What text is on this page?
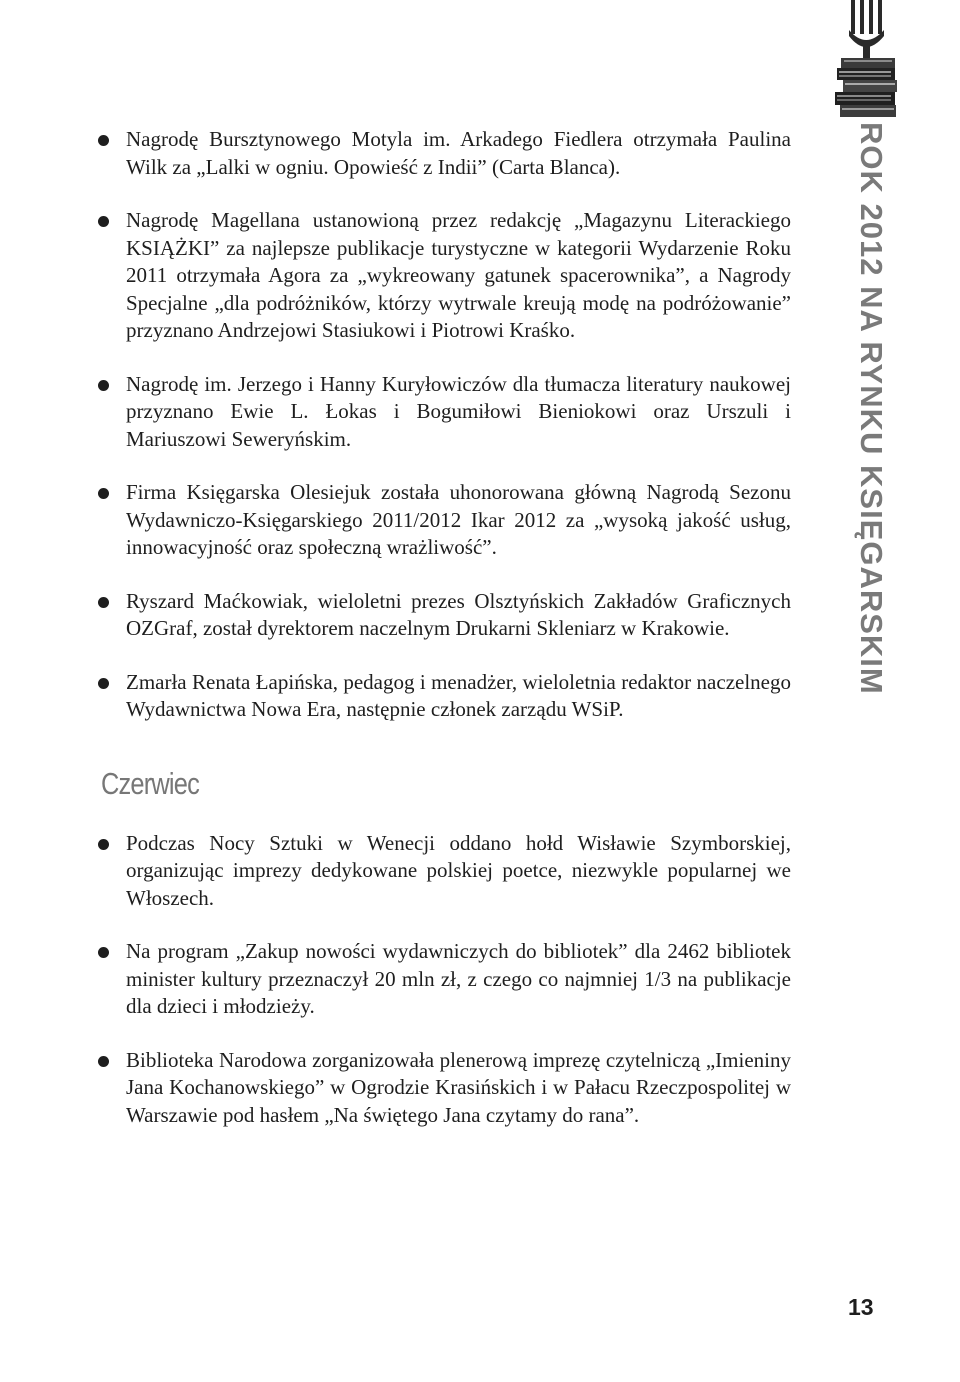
ROK 2012 NA RYNKU KSIĘGARSKIM
Nagrodę Bursztynowego Motyla im. Arkadego Fiedlera otrzymała Paulina Wilk za „Lalki w ogniu. Opowieść z Indii” (Carta Blanca).
Nagrodę Magellana ustanowioną przez redakcję „Magazynu Literackiego KSIĄŻKI” za najlepsze publikacje turystyczne w kategorii Wydarzenie Roku 2011 otrzymała Agora za „wykreowany gatunek spacerownika”, a Nagrody Specjalne „dla podróżników, którzy wytrwale kreują modę na podróżowanie” przyznano Andrzejowi Stasiukowi i Piotrowi Kraśko.
Nagrodę im. Jerzego i Hanny Kuryłowiczów dla tłumacza literatury naukowej przyznano Ewie L. Łokas i Bogumiłowi Bieniokowi oraz Urszuli i Mariuszowi Seweryńskim.
Firma Księgarska Olesiejuk została uhonorowana główną Nagrodą Sezonu Wydawniczo-Księgarskiego 2011/2012 Ikar 2012 za „wysoką jakość usług, innowacyjność oraz społeczną wrażliwość”.
Ryszard Maćkowiak, wieloletni prezes Olsztyńskich Zakładów Graficznych OZGraf, został dyrektorem naczelnym Drukarni Skleniarz w Krakowie.
Zmarła Renata Łapińska, pedagog i menadżer, wieloletnia redaktor naczelnego Wydawnictwa Nowa Era, następnie członek zarządu WSiP.
Czerwiec
Podczas Nocy Sztuki w Wenecji oddano hołd Wisławie Szymborskiej, organizując imprezy dedykowane polskiej poetce, niezwykle popularnej we Włoszech.
Na program „Zakup nowości wydawniczych do bibliotek” dla 2462 bibliotek minister kultury przeznaczył 20 mln zł, z czego co najmniej 1/3 na publikacje dla dzieci i młodzieży.
Biblioteka Narodowa zorganizowała plenerową imprezę czytelniczą „Imieniny Jana Kochanowskiego” w Ogrodzie Krasińskich i w Pałacu Rzeczpospolitej w Warszawie pod hasłem „Na świętego Jana czytamy do rana”.
13
